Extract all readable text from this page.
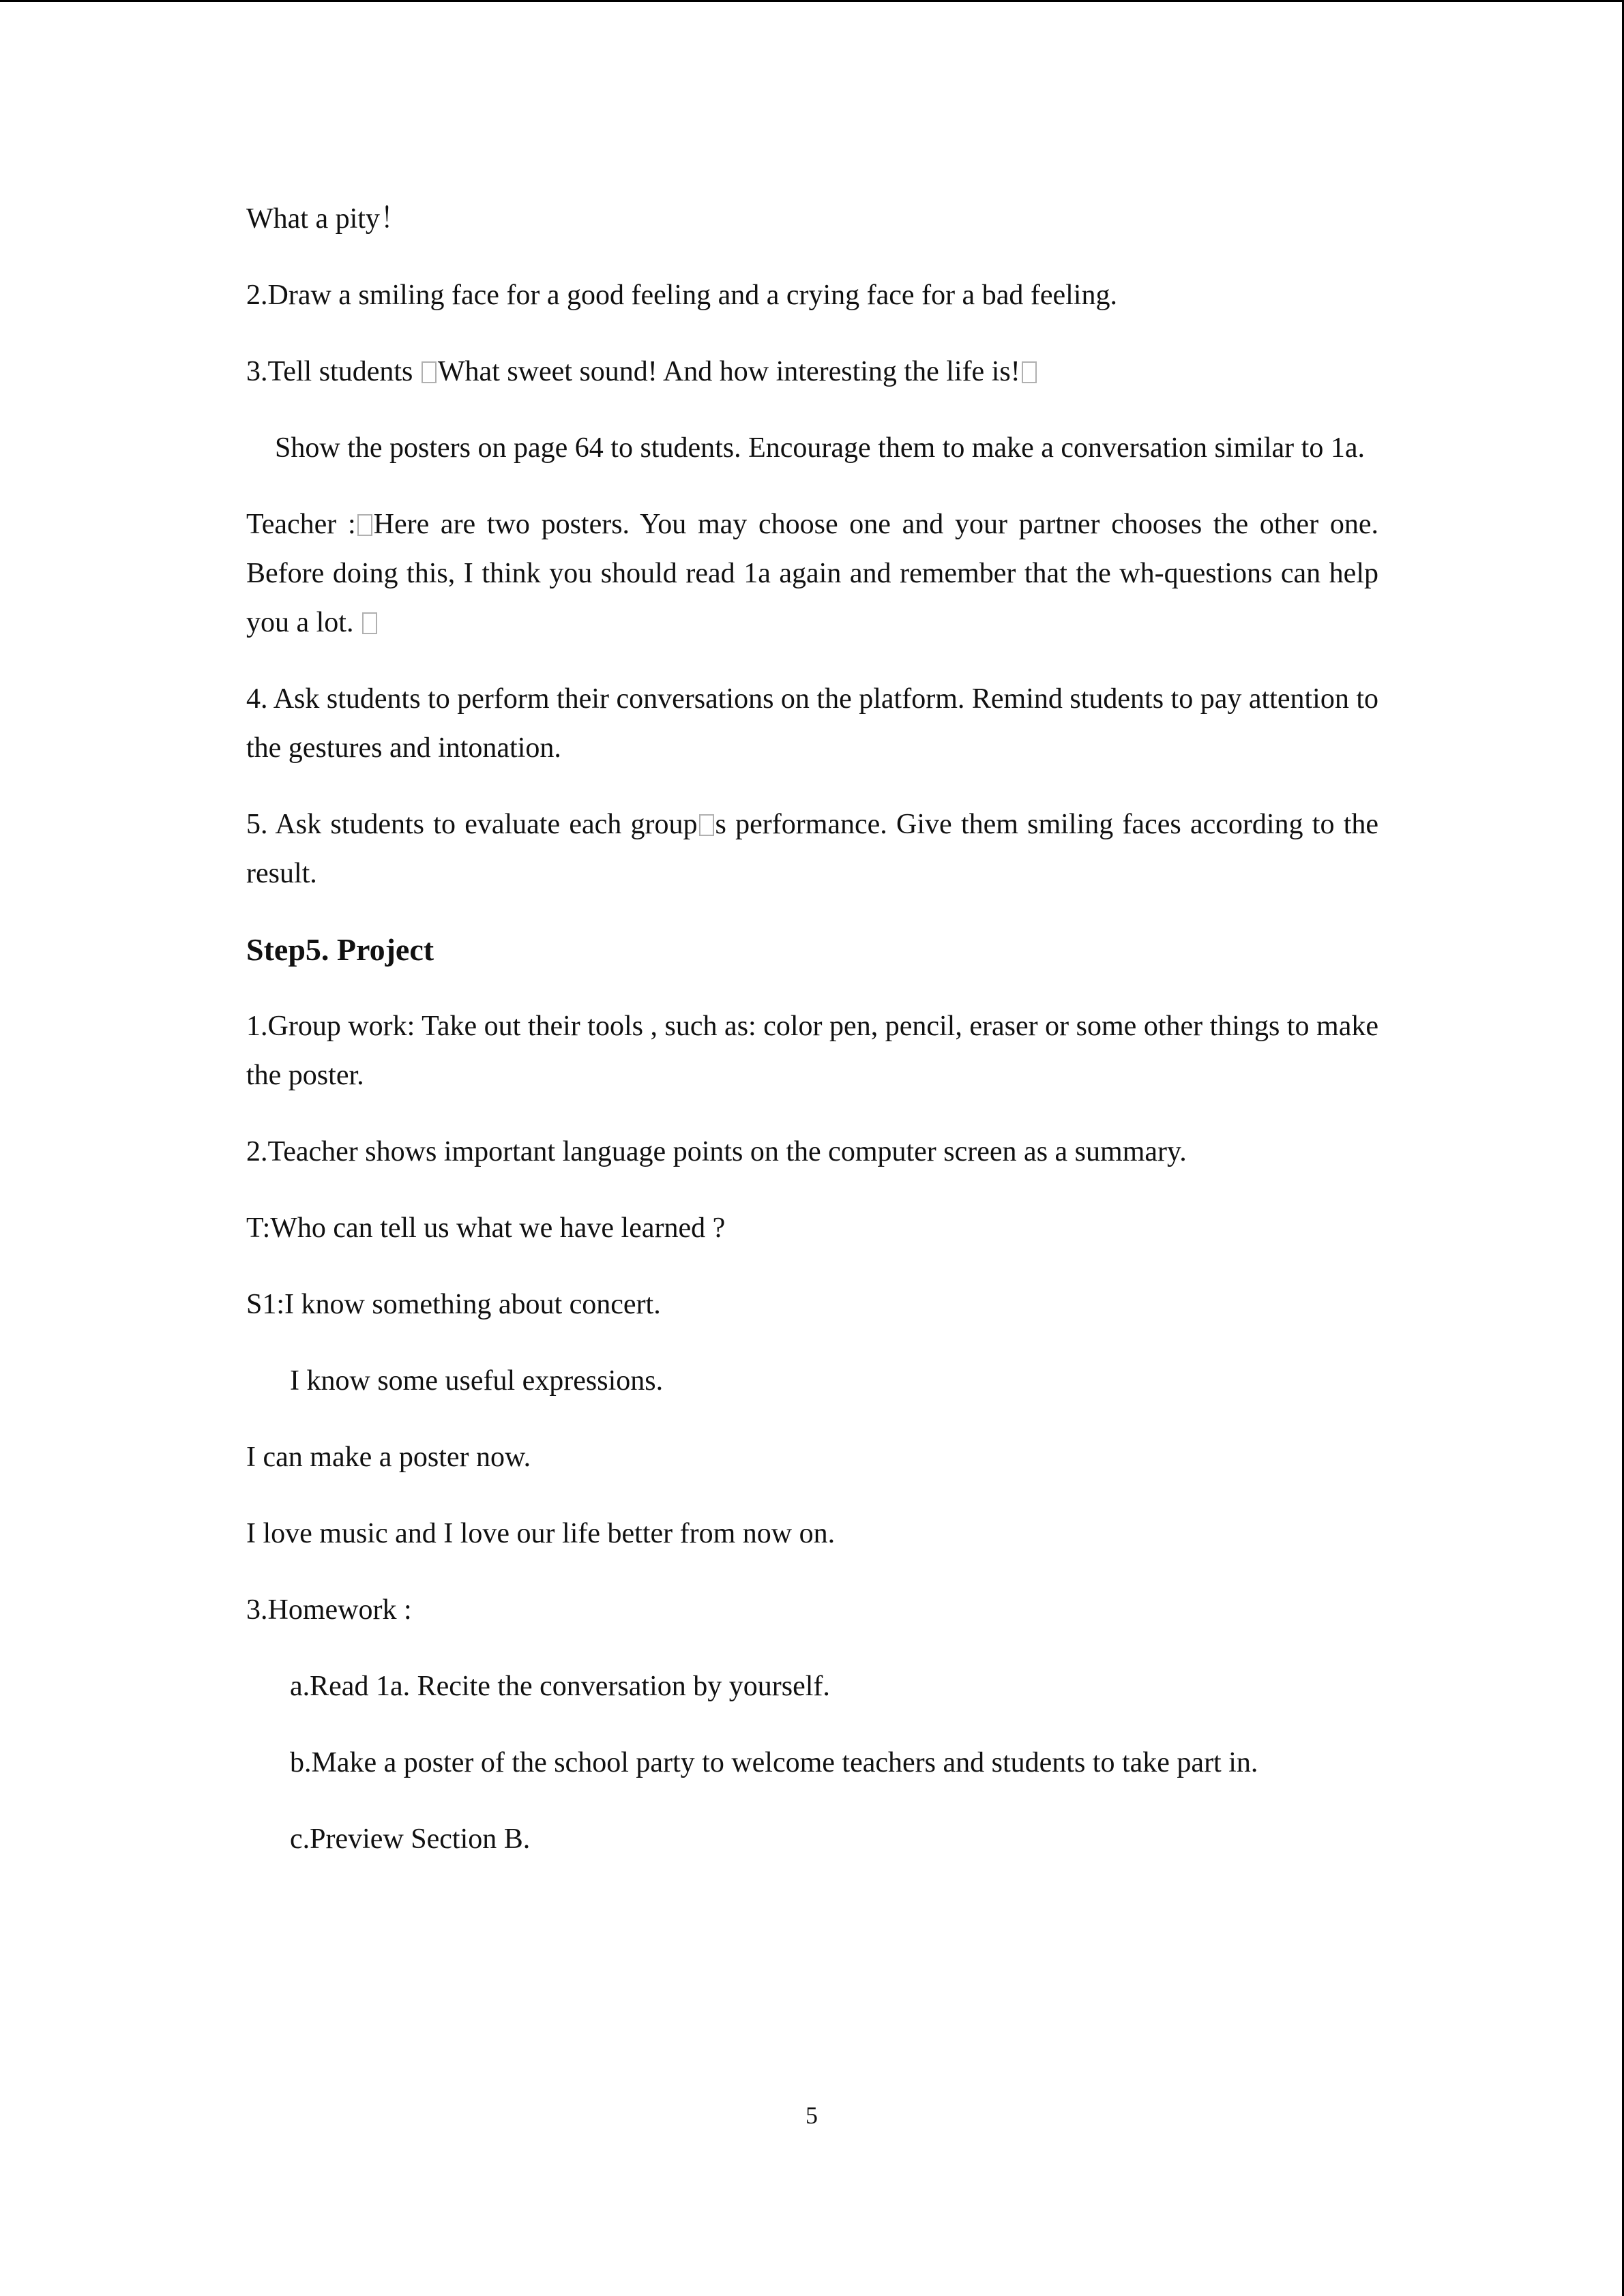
What a pity！

2.Draw a smiling face for a good feeling and a crying face for a bad feeling.

3.Tell students What sweet sound! And how interesting the life is!

Show the posters on page 64 to students. Encourage them to make a conversation similar to 1a.

Teacher : Here are two posters. You may choose one and your partner chooses the other one. Before doing this, I think you should read 1a again and remember that the wh-questions can help you a lot.

4. Ask students to perform their conversations on the platform. Remind students to pay attention to the gestures and intonation.

5. Ask students to evaluate each group s performance. Give them smiling faces according to the result.

Step5. Project

1.Group work: Take out their tools , such as: color pen, pencil, eraser or some other things to make the poster.

2.Teacher shows important language points on the computer screen as a summary.

T:Who can tell us what we have learned ?

S1:I know something about concert.

I know some useful expressions.

I can make a poster now.

I love music and I love our life better from now on.

3.Homework :

a.Read 1a. Recite the conversation by yourself.

b.Make a poster of the school party to welcome teachers and students to take part in.

c.Preview Section B.

5
